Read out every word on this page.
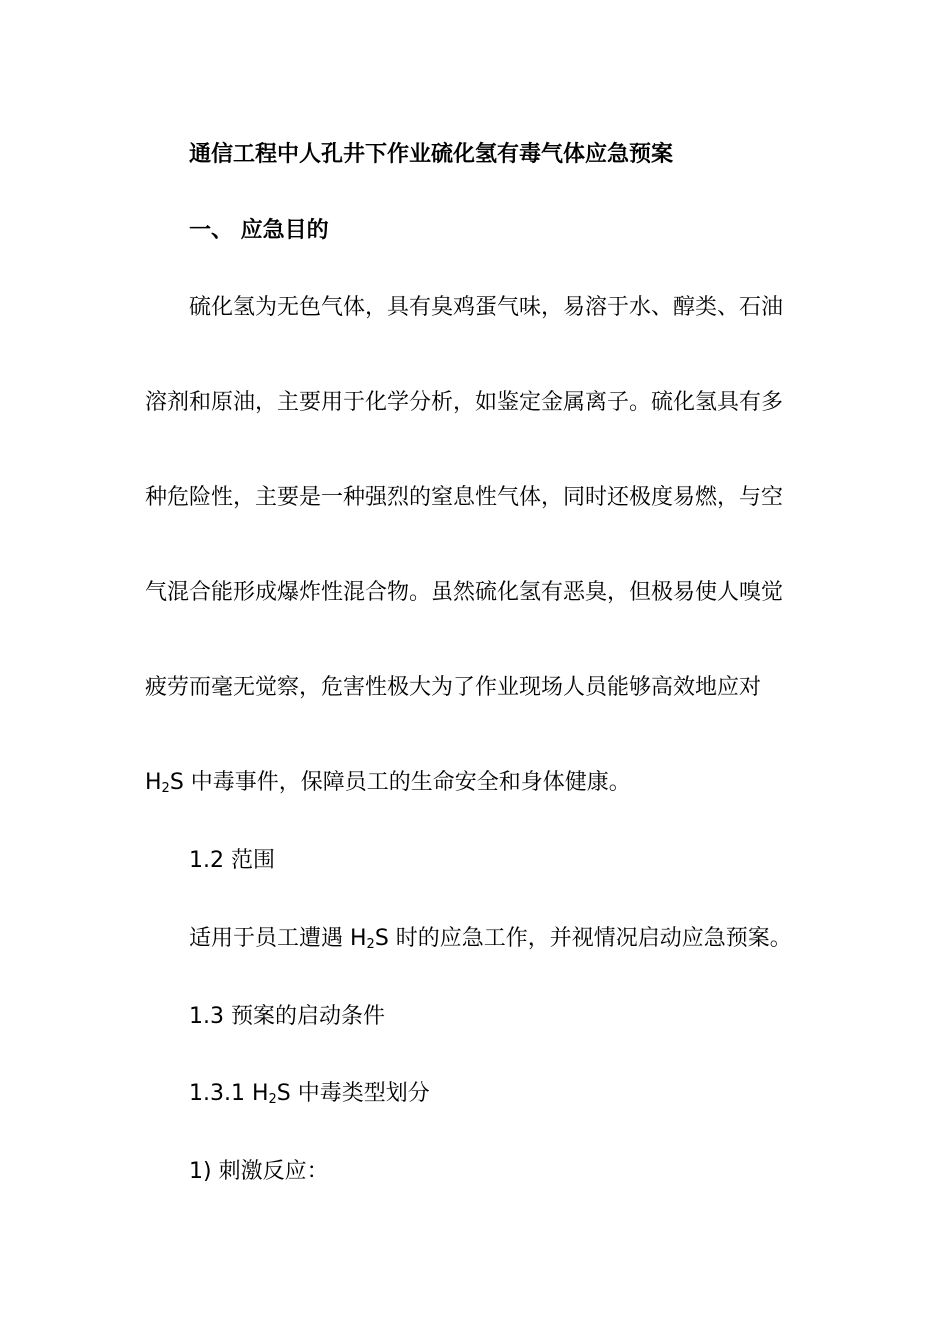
通信工程中人孔井下作业硫化氢有毒气体应急预案
一、 应急目的
硫化氢为无色气体，具有臭鸡蛋气味，易溶于水、醇类、石油
溶剂和原油，主要用于化学分析，如鉴定金属离子。硫化氢具有多
种危险性，主要是一种强烈的窒息性气体，同时还极度易燃，与空
气混合能形成爆炸性混合物。虽然硫化氢有恶臭，但极易使人嗅觉
疲劳而毫无觉察，危害性极大为了作业现场人员能够高效地应对
$H_2S$ 中毒事件，保障员工的生命安全和身体健康。
1.2 范围
适用于员工遭遇 $H_2S$ 时的应急工作，并视情况启动应急预案。
1.3 预案的启动条件
1.3.1 $H_2S$ 中毒类型划分
1) 刺激反应：
